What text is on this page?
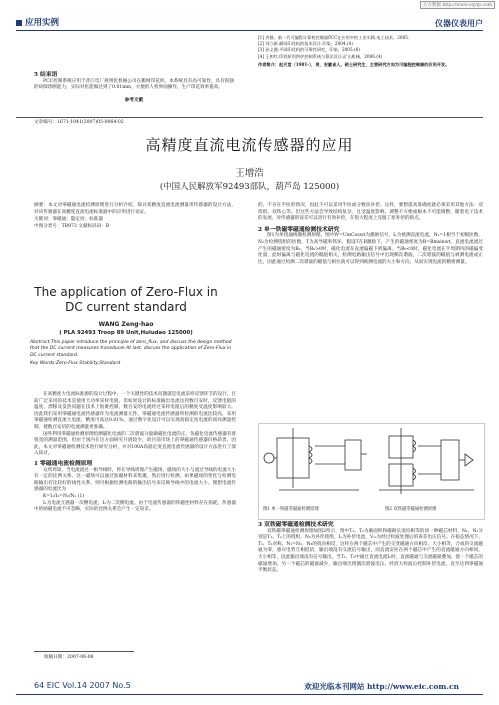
万方数据 http://www.cqvip.com
应用实例	仪器仪表用户
5 结束语
PCC控制系统应用于普江电厂规则化机械公司在搬网印花机，本系统具有高可靠性，具有很强的故障诊断能力，实际对化能做达到了0.01mm，方便的人机界面操作，生产印花效率提高。
参考文献
[1] 齐静，新一代可编程计算机控制器PCC在应用中的工业实践.电工技术，2005.
[2] 刘立新.颜网印花机的技术设计.印染，2004.(4)
[3] 孙义健.平网印花机的可靠性研究，印染，2005.(6)
[4] 王和红.印铁原用烘炉控制系统与算法设计.矿山机械，2006.(4)
作者简介：赵天堂（1981-），男，安徽省人，硕士研究生，主要研究方向为可编程控制器的应用开发。
文章编号：1671-1041(2007)05-0064-02
高精度直流电流传感器的应用
王增浩
(中国人民解放军92493部队，葫芦岛 125000)
摘要：本文对零磁通电流检测原理进行分析介绍，探讨高精度直流电流测量用传感器的设计方法，对该传感器在高精度直流电流标准器中的应用进行论证。
关键词：零磁通；隐定度；标准器
中图分类号：TB973 文献标识码：B
The application of Zero-Flux in DC current standard
WANG Zeng-hao
( PLA 92493 Troop 89 Unit,Huludao 125000)
Abstract:This paper introduce the principle of zero_flux, and discuss the design method that the DC current measures transducer.At last, discuss the application of Zero-Flux in DC current standard.
Key Words:Zero-Flux Stability,Standard
在高精度大电流标准源的设计过程中，一个关键性的技术问题就是电流采样反馈环节的设计。目前广泛采用的技术是使用大功率采样电阻，但如果设计的标准输出电流达到数百安时，反馈电阻的温度、漂移及发热问题在技术上很难控制，数百安的电流经过采样电阻后的精度受温度影响较大。因此我们采用零磁通电流传感器作为电流测量元件。零磁通电流传感器所检测的电流比较高，采用零磁通检测直流大电流，精度可高达0.01%，通过数字化设计可以实现高稳定度电流的闭环测量控制，使数百安培的电流测量更准确。
国外利用零磁通检测原理检测磁化电流的二次谐波分量做磁化电流的正。负磁化电流传感器有着很宽的测量范围，但由于国内在这方面研究开展较少，故目前市场上的零磁通传感器价格昂贵。因此，本文对零磁通检测技术进行研究分析，并对100A高稳定度直流电流传感器的设计方法进行了深入探讨。
1 零磁通电流检测原理
众所周知，当电流流过一根导线时，将在导线周围产生磁场，磁场的大小与流过导线的电流大小有一定的比例关系。这一磁场可以通过软磁材料来集聚，然后进行检测。如果磁场的变化与检测电路输出有比较好的线性关系，则可根据检测电路的输出信号来反映导线中的电流大小。理想电流传感器的电流比为
K=I₁/I₂=N₂/N₁ (1)
I₁为电流互感器一次侧电流，I₂为二次侧电流。由于电流传感器的铁磁性材料存在损耗，传感器中的励磁电流不可忽略，实际的比例关系会产生一定误差。
收稿日期：2007-06-08
的，不存在半匝的情况，因此不可以采用半匝或分数匝补偿。这样，要想提高准确度就必须采用其他方法：双绕组、双铁心等。但这些方法会导致结构复杂，且受温度影响，调整不方便或根本不可能调整，随着电子技术的发展，对传感器的误差可以进行有效补偿，在很大程度上克服了原补偿的缺点。
2 单一铁磁零磁通检测技术研究
图1为单绕通线圈检测原理。图中W=UmCoswt为激励信号，I₁为被测直流电流，N₁=1相当于初级匝数，N₂为检测绕组的匝数，T为高导磁率铁环，假设T在B激励下，产生的磁通密度为B=Bmsinwt。直流电流流过产生的磁通密度为B₀，当B₀>0时，磁化电流在直流偏磁下被偏离。当B₀<0时，磁化电流在半周期内的磁偏变化量，此时偏离与磁化电流的幅值相关，检测电路输出信号中出现偶次谐波，二次谐波的幅值与被测电流成正比，因此通过检测二次谐波的幅值与相位就可以得到被测电流的大小和方向，从而实现电流的精密测量。
图1 单一铁磁零磁通检测原理	图2 双铁磁零磁通检测原理
3 双铁磁零磁通检测技术研究
双铁磁零磁通检测原理如图2所示，图中T₁、T₂为截面积和磁路长度均相等的同一种磁芯材料，N₁、N₂分别是T₁、T₂上的绕组，N₃为补偿绕组，Iₑ为补偿电流，Vₒₛ为经过检波处理后的误差电压信号。在稳态情况下，T₁、T₂对称，N₁=N₂，N₃的绕向相反，这样在两个磁芯中产生的交变磁通方向相反、大小相等，合成的交流磁通为零，感应电势互相抵消，输出端没有交流信号输出，而直流安匝在两个磁芯中产生的直流磁通方向相同，大小相等，因此输出端没有信号输出。当T₁、T₂中通过直流电流I₁时，直流磁通与交流磁通叠加，使一个磁芯的磁通增加，另一个磁芯的磁通减少，输出端出现偶次谐波电压，经放大检波后控制补偿电流，直至达到零磁通平衡状态。
64 EIC Vol.14 2007 No.5	欢迎光临本刊网站 http://www.eic.com.cn
